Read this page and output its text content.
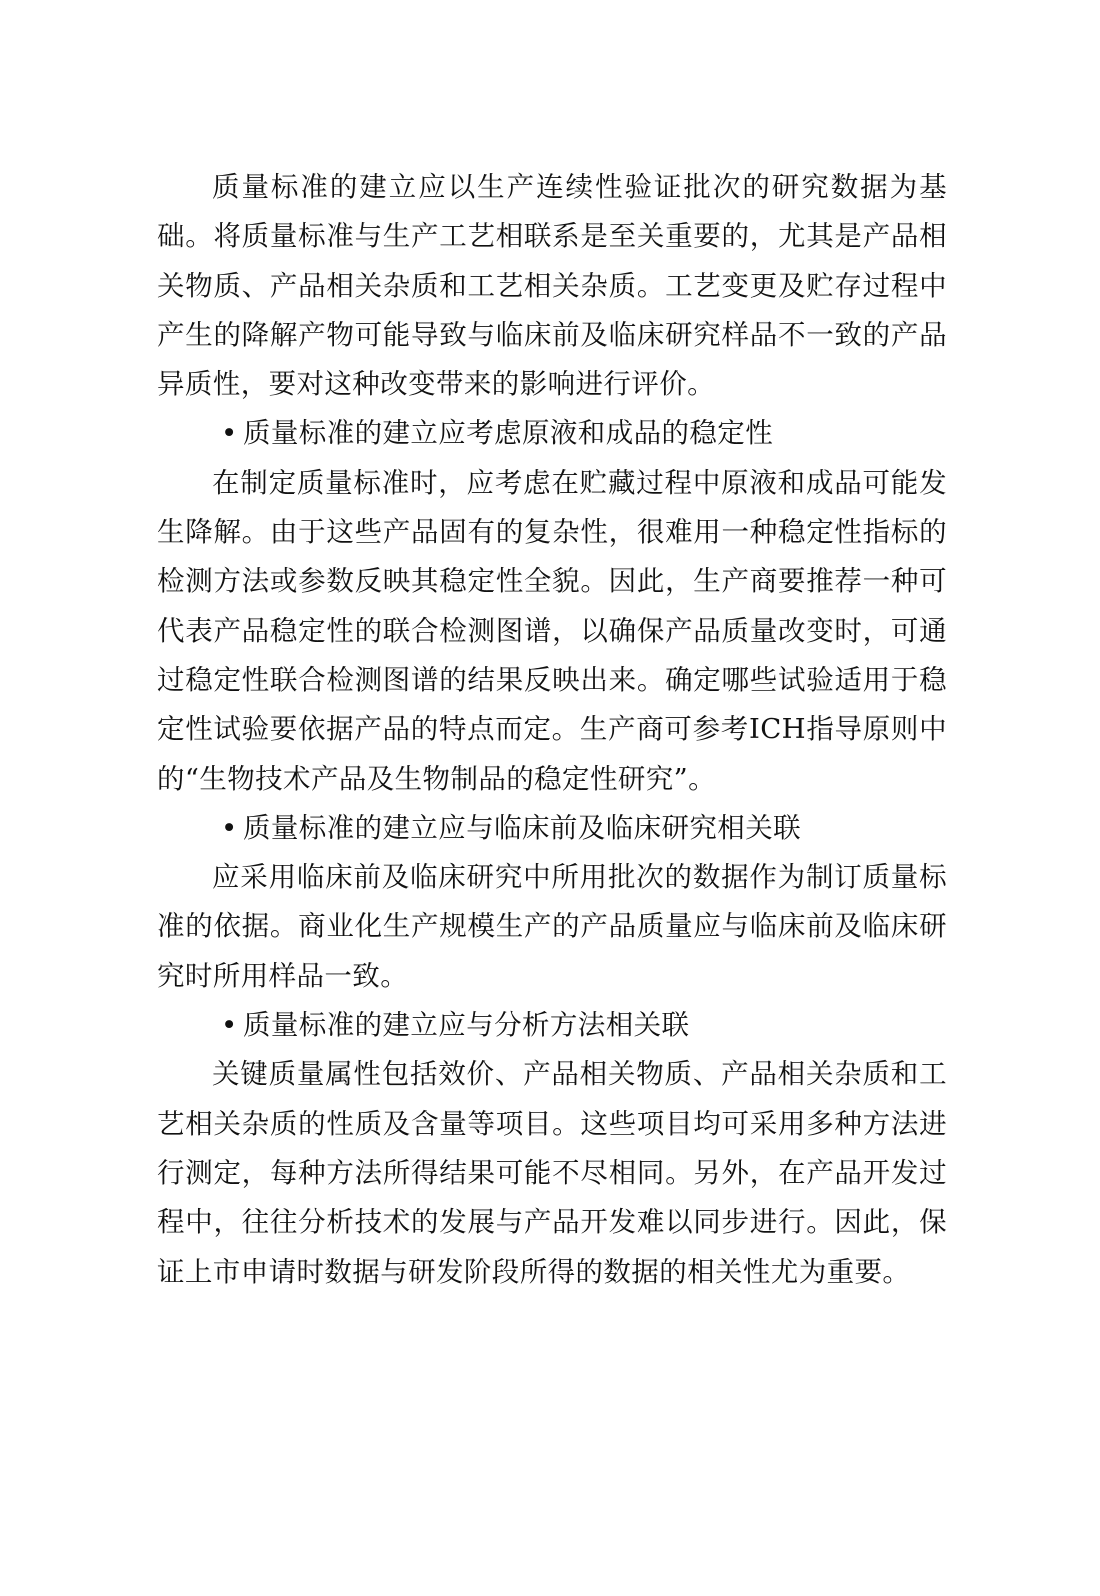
质量标准的建立应以生产连续性验证批次的研究数据为基础。将质量标准与生产工艺相联系是至关重要的，尤其是产品相关物质、产品相关杂质和工艺相关杂质。工艺变更及贮存过程中产生的降解产物可能导致与临床前及临床研究样品不一致的产品异质性，要对这种改变带来的影响进行评价。

• 质量标准的建立应考虑原液和成品的稳定性

在制定质量标准时，应考虑在贮藏过程中原液和成品可能发生降解。由于这些产品固有的复杂性，很难用一种稳定性指标的检测方法或参数反映其稳定性全貌。因此，生产商要推荐一种可代表产品稳定性的联合检测图谱，以确保产品质量改变时，可通过稳定性联合检测图谱的结果反映出来。确定哪些试验适用于稳定性试验要依据产品的特点而定。生产商可参考ICH指导原则中的“生物技术产品及生物制品的稳定性研究”。

• 质量标准的建立应与临床前及临床研究相关联

应采用临床前及临床研究中所用批次的数据作为制订质量标准的依据。商业化生产规模生产的产品质量应与临床前及临床研究时所用样品一致。

• 质量标准的建立应与分析方法相关联

关键质量属性包括效价、产品相关物质、产品相关杂质和工艺相关杂质的性质及含量等项目。这些项目均可采用多种方法进行测定，每种方法所得结果可能不尽相同。另外，在产品开发过程中，往往分析技术的发展与产品开发难以同步进行。因此，保证上市申请时数据与研发阶段所得的数据的相关性尤为重要。
